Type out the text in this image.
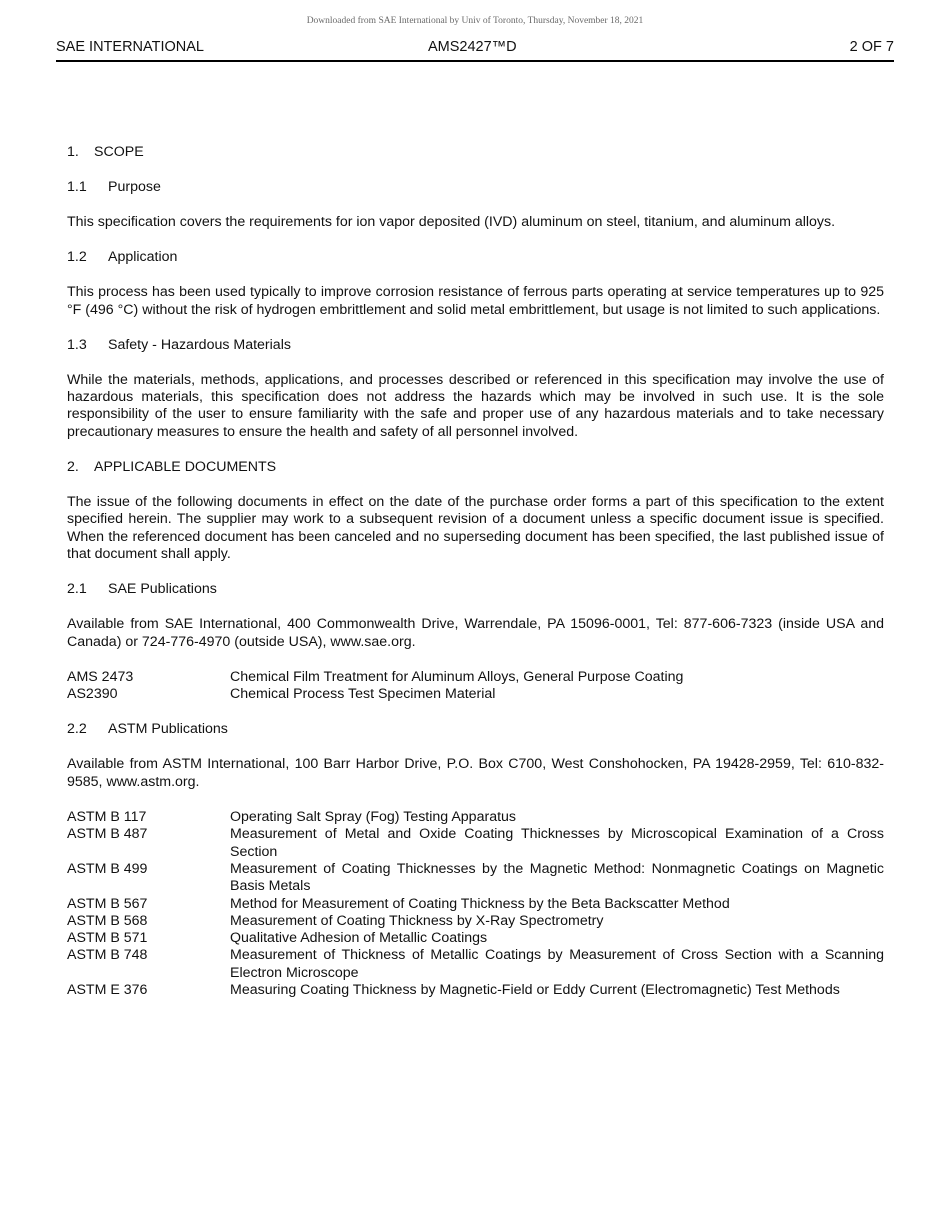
Downloaded from SAE International by Univ of Toronto, Thursday, November 18, 2021
SAE INTERNATIONAL	AMS2427™D	2 OF 7
1. SCOPE
1.1 Purpose

This specification covers the requirements for ion vapor deposited (IVD) aluminum on steel, titanium, and aluminum alloys.

1.2 Application

This process has been used typically to improve corrosion resistance of ferrous parts operating at service temperatures up to 925 °F (496 °C) without the risk of hydrogen embrittlement and solid metal embrittlement, but usage is not limited to such applications.

1.3 Safety - Hazardous Materials

While the materials, methods, applications, and processes described or referenced in this specification may involve the use of hazardous materials, this specification does not address the hazards which may be involved in such use. It is the sole responsibility of the user to ensure familiarity with the safe and proper use of any hazardous materials and to take necessary precautionary measures to ensure the health and safety of all personnel involved.

2. APPLICABLE DOCUMENTS

The issue of the following documents in effect on the date of the purchase order forms a part of this specification to the extent specified herein. The supplier may work to a subsequent revision of a document unless a specific document issue is specified. When the referenced document has been canceled and no superseding document has been specified, the last published issue of that document shall apply.

2.1 SAE Publications

Available from SAE International, 400 Commonwealth Drive, Warrendale, PA 15096-0001, Tel: 877-606-7323 (inside USA and Canada) or 724-776-4970 (outside USA), www.sae.org.

AMS 2473	Chemical Film Treatment for Aluminum Alloys, General Purpose Coating
AS2390	Chemical Process Test Specimen Material
2.2 ASTM Publications

Available from ASTM International, 100 Barr Harbor Drive, P.O. Box C700, West Conshohocken, PA 19428-2959, Tel: 610-832-9585, www.astm.org.

ASTM B 117	Operating Salt Spray (Fog) Testing Apparatus
ASTM B 487	Measurement of Metal and Oxide Coating Thicknesses by Microscopical Examination of a Cross Section
ASTM B 499	Measurement of Coating Thicknesses by the Magnetic Method: Nonmagnetic Coatings on Magnetic Basis Metals
ASTM B 567	Method for Measurement of Coating Thickness by the Beta Backscatter Method
ASTM B 568	Measurement of Coating Thickness by X-Ray Spectrometry
ASTM B 571	Qualitative Adhesion of Metallic Coatings
ASTM B 748	Measurement of Thickness of Metallic Coatings by Measurement of Cross Section with a Scanning Electron Microscope
ASTM E 376	Measuring Coating Thickness by Magnetic-Field or Eddy Current (Electromagnetic) Test Methods
